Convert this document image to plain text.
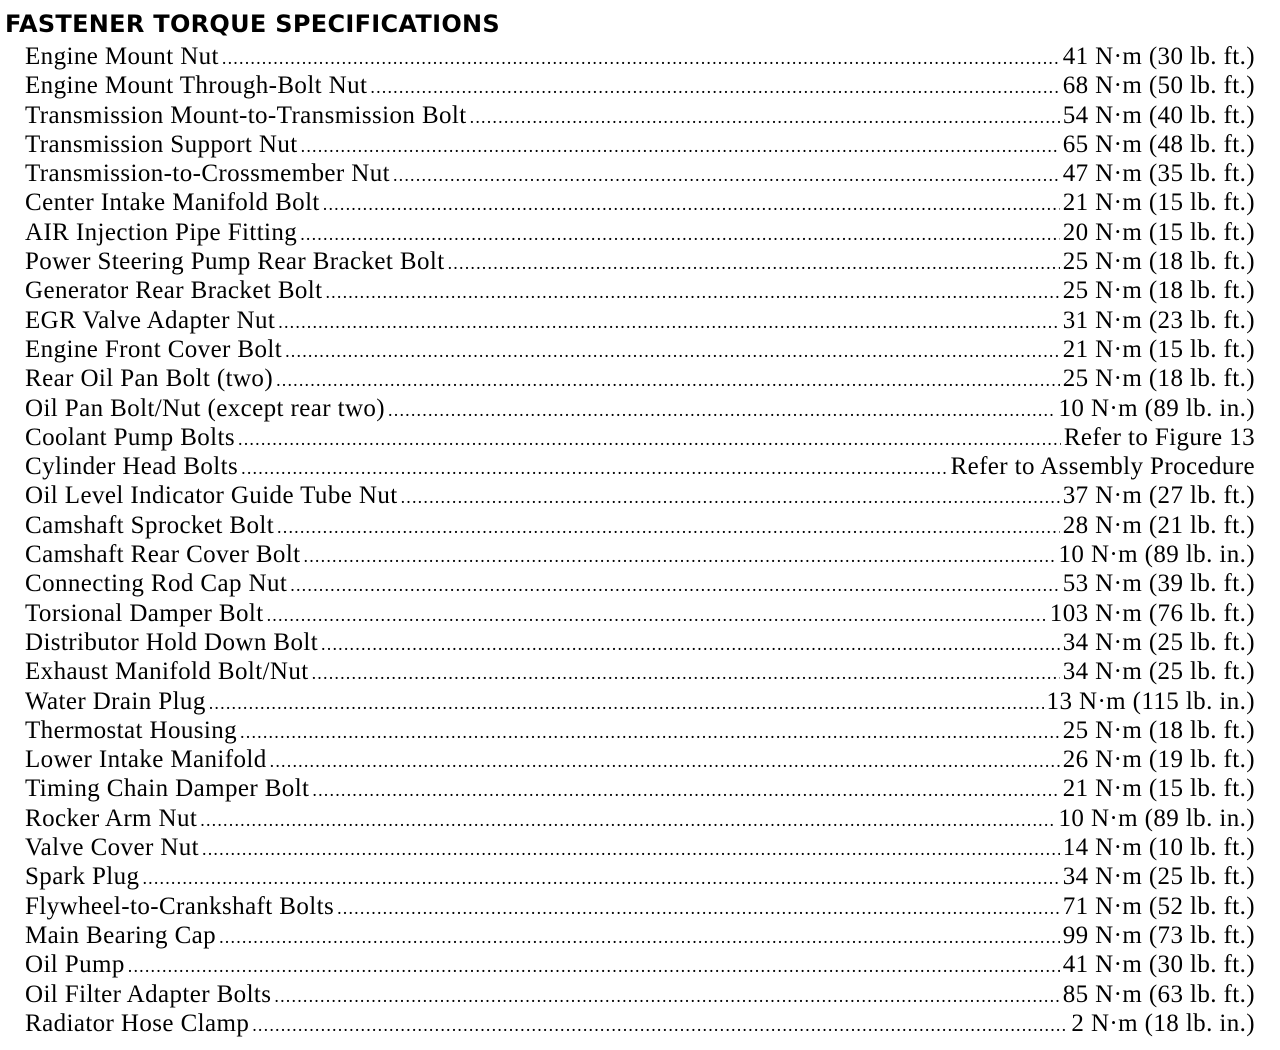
FASTENER TORQUE SPECIFICATIONS
Engine Mount Nut .....	41 N·m (30 lb. ft.)
Engine Mount Through-Bolt Nut .....	68 N·m (50 lb. ft.)
Transmission Mount-to-Transmission Bolt .....	54 N·m (40 lb. ft.)
Transmission Support Nut .....	65 N·m (48 lb. ft.)
Transmission-to-Crossmember Nut .....	47 N·m (35 lb. ft.)
Center Intake Manifold Bolt .....	21 N·m (15 lb. ft.)
AIR Injection Pipe Fitting .....	20 N·m (15 lb. ft.)
Power Steering Pump Rear Bracket Bolt .....	25 N·m (18 lb. ft.)
Generator Rear Bracket Bolt .....	25 N·m (18 lb. ft.)
EGR Valve Adapter Nut .....	31 N·m (23 lb. ft.)
Engine Front Cover Bolt .....	21 N·m (15 lb. ft.)
Rear Oil Pan Bolt (two) .....	25 N·m (18 lb. ft.)
Oil Pan Bolt/Nut (except rear two) .....	10 N·m (89 lb. in.)
Coolant Pump Bolts .....	Refer to Figure 13
Cylinder Head Bolts .....	Refer to Assembly Procedure
Oil Level Indicator Guide Tube Nut .....	37 N·m (27 lb. ft.)
Camshaft Sprocket Bolt .....	28 N·m (21 lb. ft.)
Camshaft Rear Cover Bolt .....	10 N·m (89 lb. in.)
Connecting Rod Cap Nut .....	53 N·m (39 lb. ft.)
Torsional Damper Bolt .....	103 N·m (76 lb. ft.)
Distributor Hold Down Bolt .....	34 N·m (25 lb. ft.)
Exhaust Manifold Bolt/Nut .....	34 N·m (25 lb. ft.)
Water Drain Plug .....	13 N·m (115 lb. in.)
Thermostat Housing .....	25 N·m (18 lb. ft.)
Lower Intake Manifold .....	26 N·m (19 lb. ft.)
Timing Chain Damper Bolt .....	21 N·m (15 lb. ft.)
Rocker Arm Nut .....	10 N·m (89 lb. in.)
Valve Cover Nut .....	14 N·m (10 lb. ft.)
Spark Plug .....	34 N·m (25 lb. ft.)
Flywheel-to-Crankshaft Bolts .....	71 N·m (52 lb. ft.)
Main Bearing Cap .....	99 N·m (73 lb. ft.)
Oil Pump .....	41 N·m (30 lb. ft.)
Oil Filter Adapter Bolts .....	85 N·m (63 lb. ft.)
Radiator Hose Clamp .....	2 N·m (18 lb. in.)
